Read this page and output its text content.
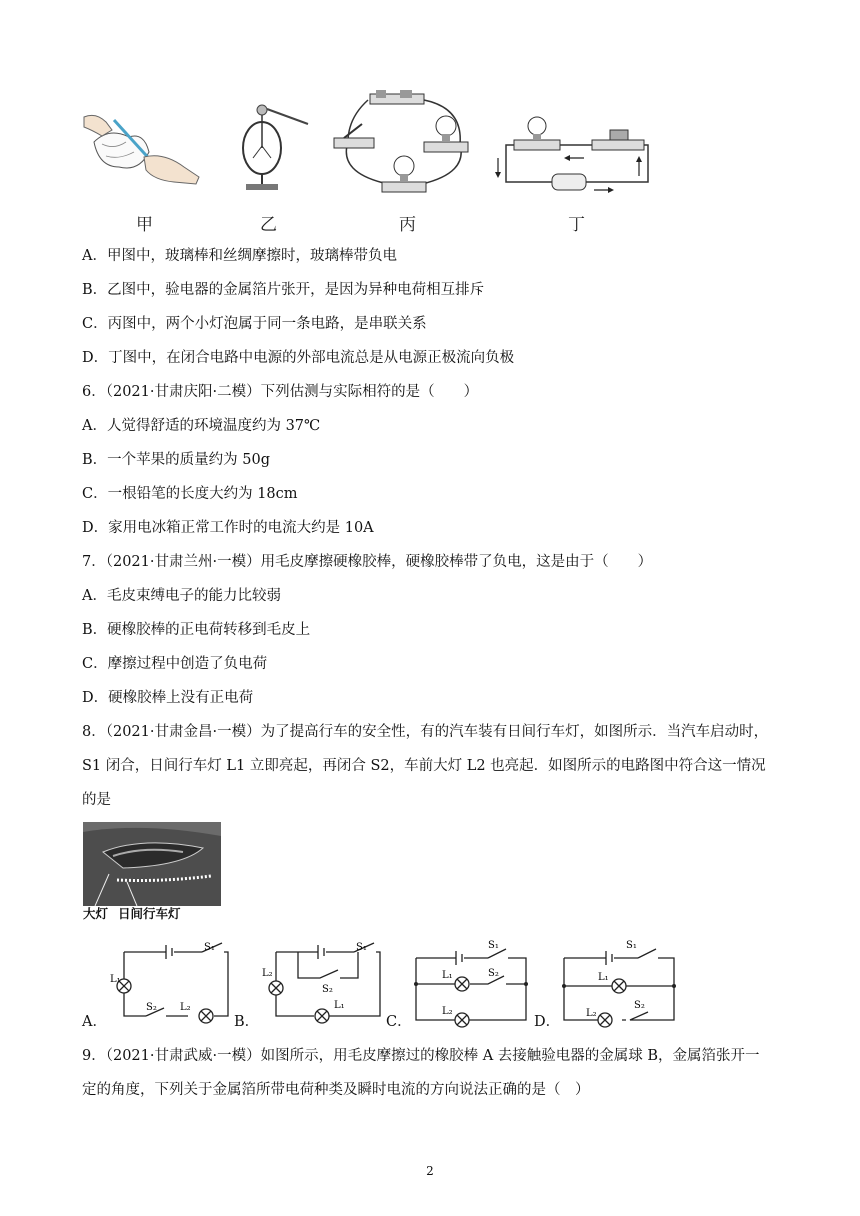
甲	乙	丙	丁
A．甲图中，玻璃棒和丝绸摩擦时，玻璃棒带负电
B．乙图中，验电器的金属箔片张开，是因为异种电荷相互排斥
C．丙图中，两个小灯泡属于同一条电路，是串联关系
D．丁图中，在闭合电路中电源的外部电流总是从电源正极流向负极
6．（2021·甘肃庆阳·二模）下列估测与实际相符的是（　　）
A．人觉得舒适的环境温度约为 37℃
B．一个苹果的质量约为 50g
C．一根铅笔的长度大约为 18cm
D．家用电冰箱正常工作时的电流大约是 10A
7．（2021·甘肃兰州·一模）用毛皮摩擦硬橡胶棒，硬橡胶棒带了负电，这是由于（　　）
A．毛皮束缚电子的能力比较弱
B．硬橡胶棒的正电荷转移到毛皮上
C．摩擦过程中创造了负电荷
D．硬橡胶棒上没有正电荷
8．（2021·甘肃金昌·一模）为了提高行车的安全性，有的汽车装有日间行车灯，如图所示．当汽车启动时，
S1 闭合，日间行车灯 L1 立即亮起，再闭合 S2，车前大灯 L2 也亮起．如图所示的电路图中符合这一情况
的是
大灯 日间行车灯
S₁
L₁
S₂ L₂
A．
S₁
L₂
S₂
L₁
B．
S₁
L₁	S₂
L₂
C．
S₁
L₁
L₂
S₂
D．
9．（2021·甘肃武威·一模）如图所示，用毛皮摩擦过的橡胶棒 A 去接触验电器的金属球 B，金属箔张开一
定的角度，下列关于金属箔所带电荷种类及瞬时电流的方向说法正确的是（　）
2
